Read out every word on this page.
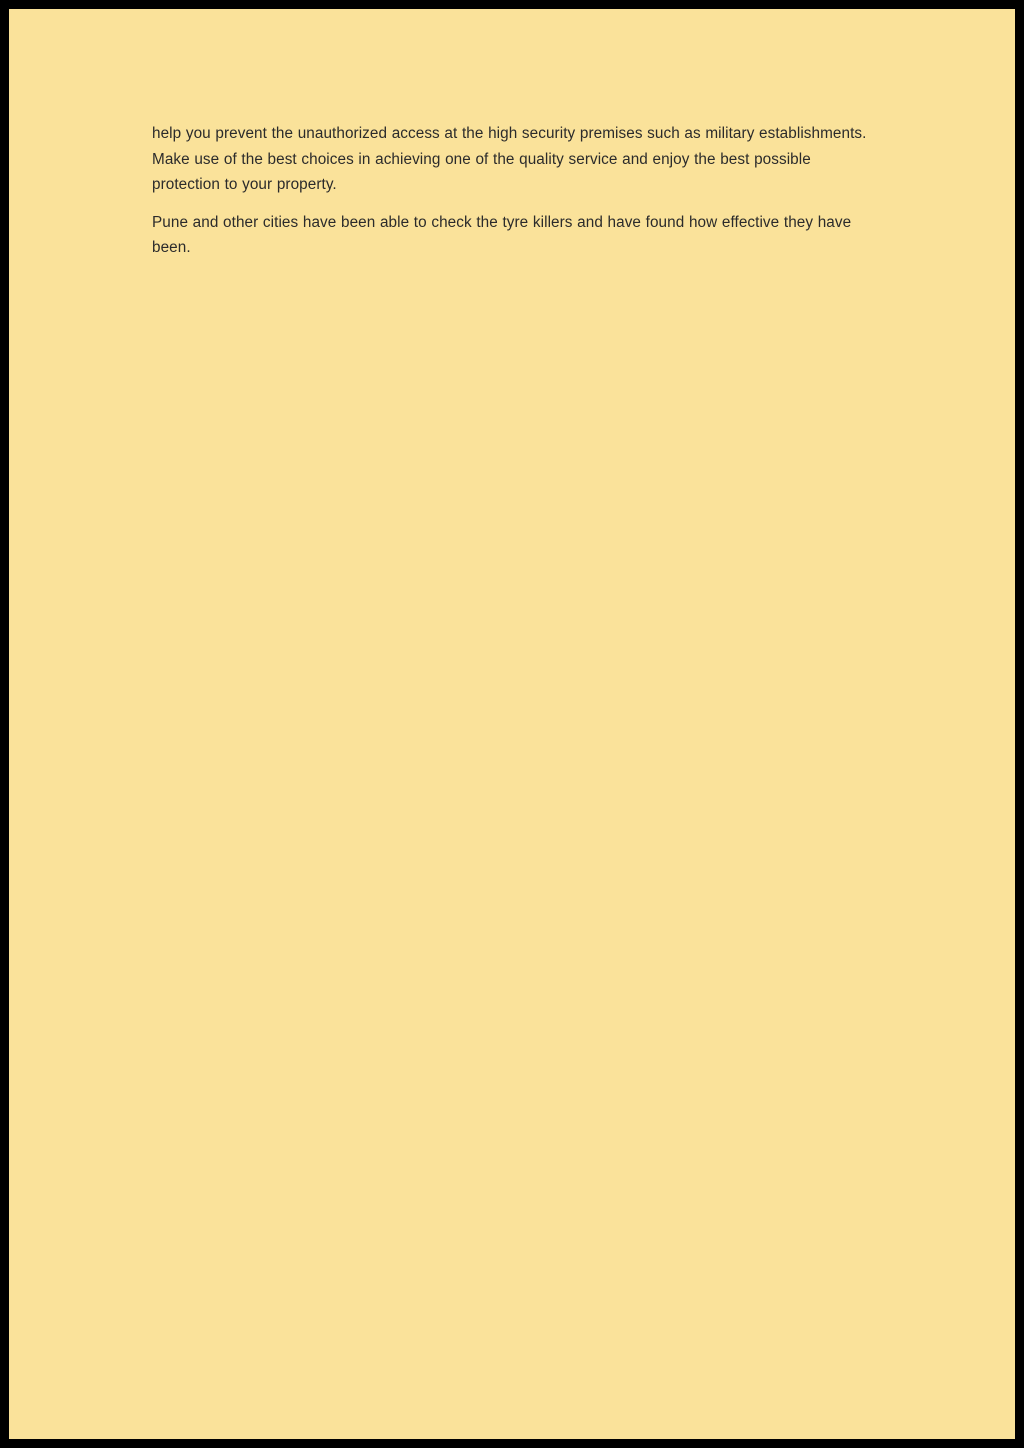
help you prevent the unauthorized access at the high security premises such as military establishments. Make use of the best choices in achieving one of the quality service and enjoy the best possible protection to your property.

Pune and other cities have been able to check the tyre killers and have found how effective they have been.
